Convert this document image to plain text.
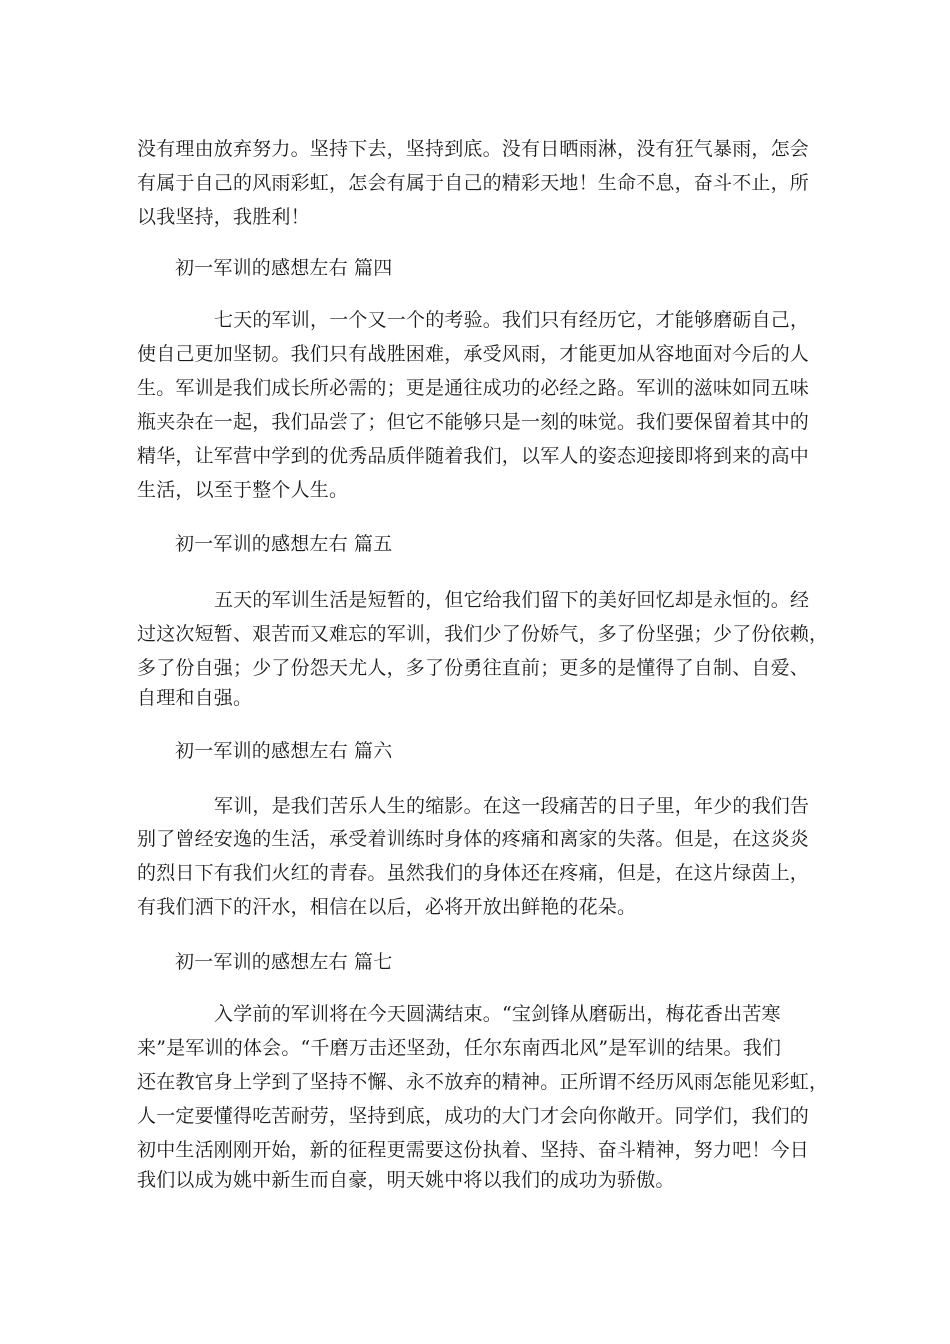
没有理由放弃努力。坚持下去，坚持到底。没有日晒雨淋，没有狂气暴雨，怎会
有属于自己的风雨彩虹，怎会有属于自己的精彩天地！生命不息，奋斗不止，所
以我坚持，我胜利！
初一军训的感想左右 篇四
七天的军训，一个又一个的考验。我们只有经历它，才能够磨砺自己，
使自己更加坚韧。我们只有战胜困难，承受风雨，才能更加从容地面对今后的人
生。军训是我们成长所必需的；更是通往成功的必经之路。军训的滋味如同五味
瓶夹杂在一起，我们品尝了；但它不能够只是一刻的味觉。我们要保留着其中的
精华，让军营中学到的优秀品质伴随着我们，以军人的姿态迎接即将到来的高中
生活，以至于整个人生。
初一军训的感想左右 篇五
五天的军训生活是短暂的，但它给我们留下的美好回忆却是永恒的。经
过这次短暂、艰苦而又难忘的军训，我们少了份娇气，多了份坚强；少了份依赖，
多了份自强；少了份怨天尤人，多了份勇往直前；更多的是懂得了自制、自爱、
自理和自强。
初一军训的感想左右 篇六
军训，是我们苦乐人生的缩影。在这一段痛苦的日子里，年少的我们告
别了曾经安逸的生活，承受着训练时身体的疼痛和离家的失落。但是，在这炎炎
的烈日下有我们火红的青春。虽然我们的身体还在疼痛，但是，在这片绿茵上，
有我们洒下的汗水，相信在以后，必将开放出鲜艳的花朵。
初一军训的感想左右 篇七
入学前的军训将在今天圆满结束。“宝剑锋从磨砺出，梅花香出苦寒
来”是军训的体会。“千磨万击还坚劲，任尔东南西北风”是军训的结果。我们
还在教官身上学到了坚持不懈、永不放弃的精神。正所谓不经历风雨怎能见彩虹，
人一定要懂得吃苦耐劳，坚持到底，成功的大门才会向你敞开。同学们，我们的
初中生活刚刚开始，新的征程更需要这份执着、坚持、奋斗精神，努力吧！今日
我们以成为姚中新生而自豪，明天姚中将以我们的成功为骄傲。
